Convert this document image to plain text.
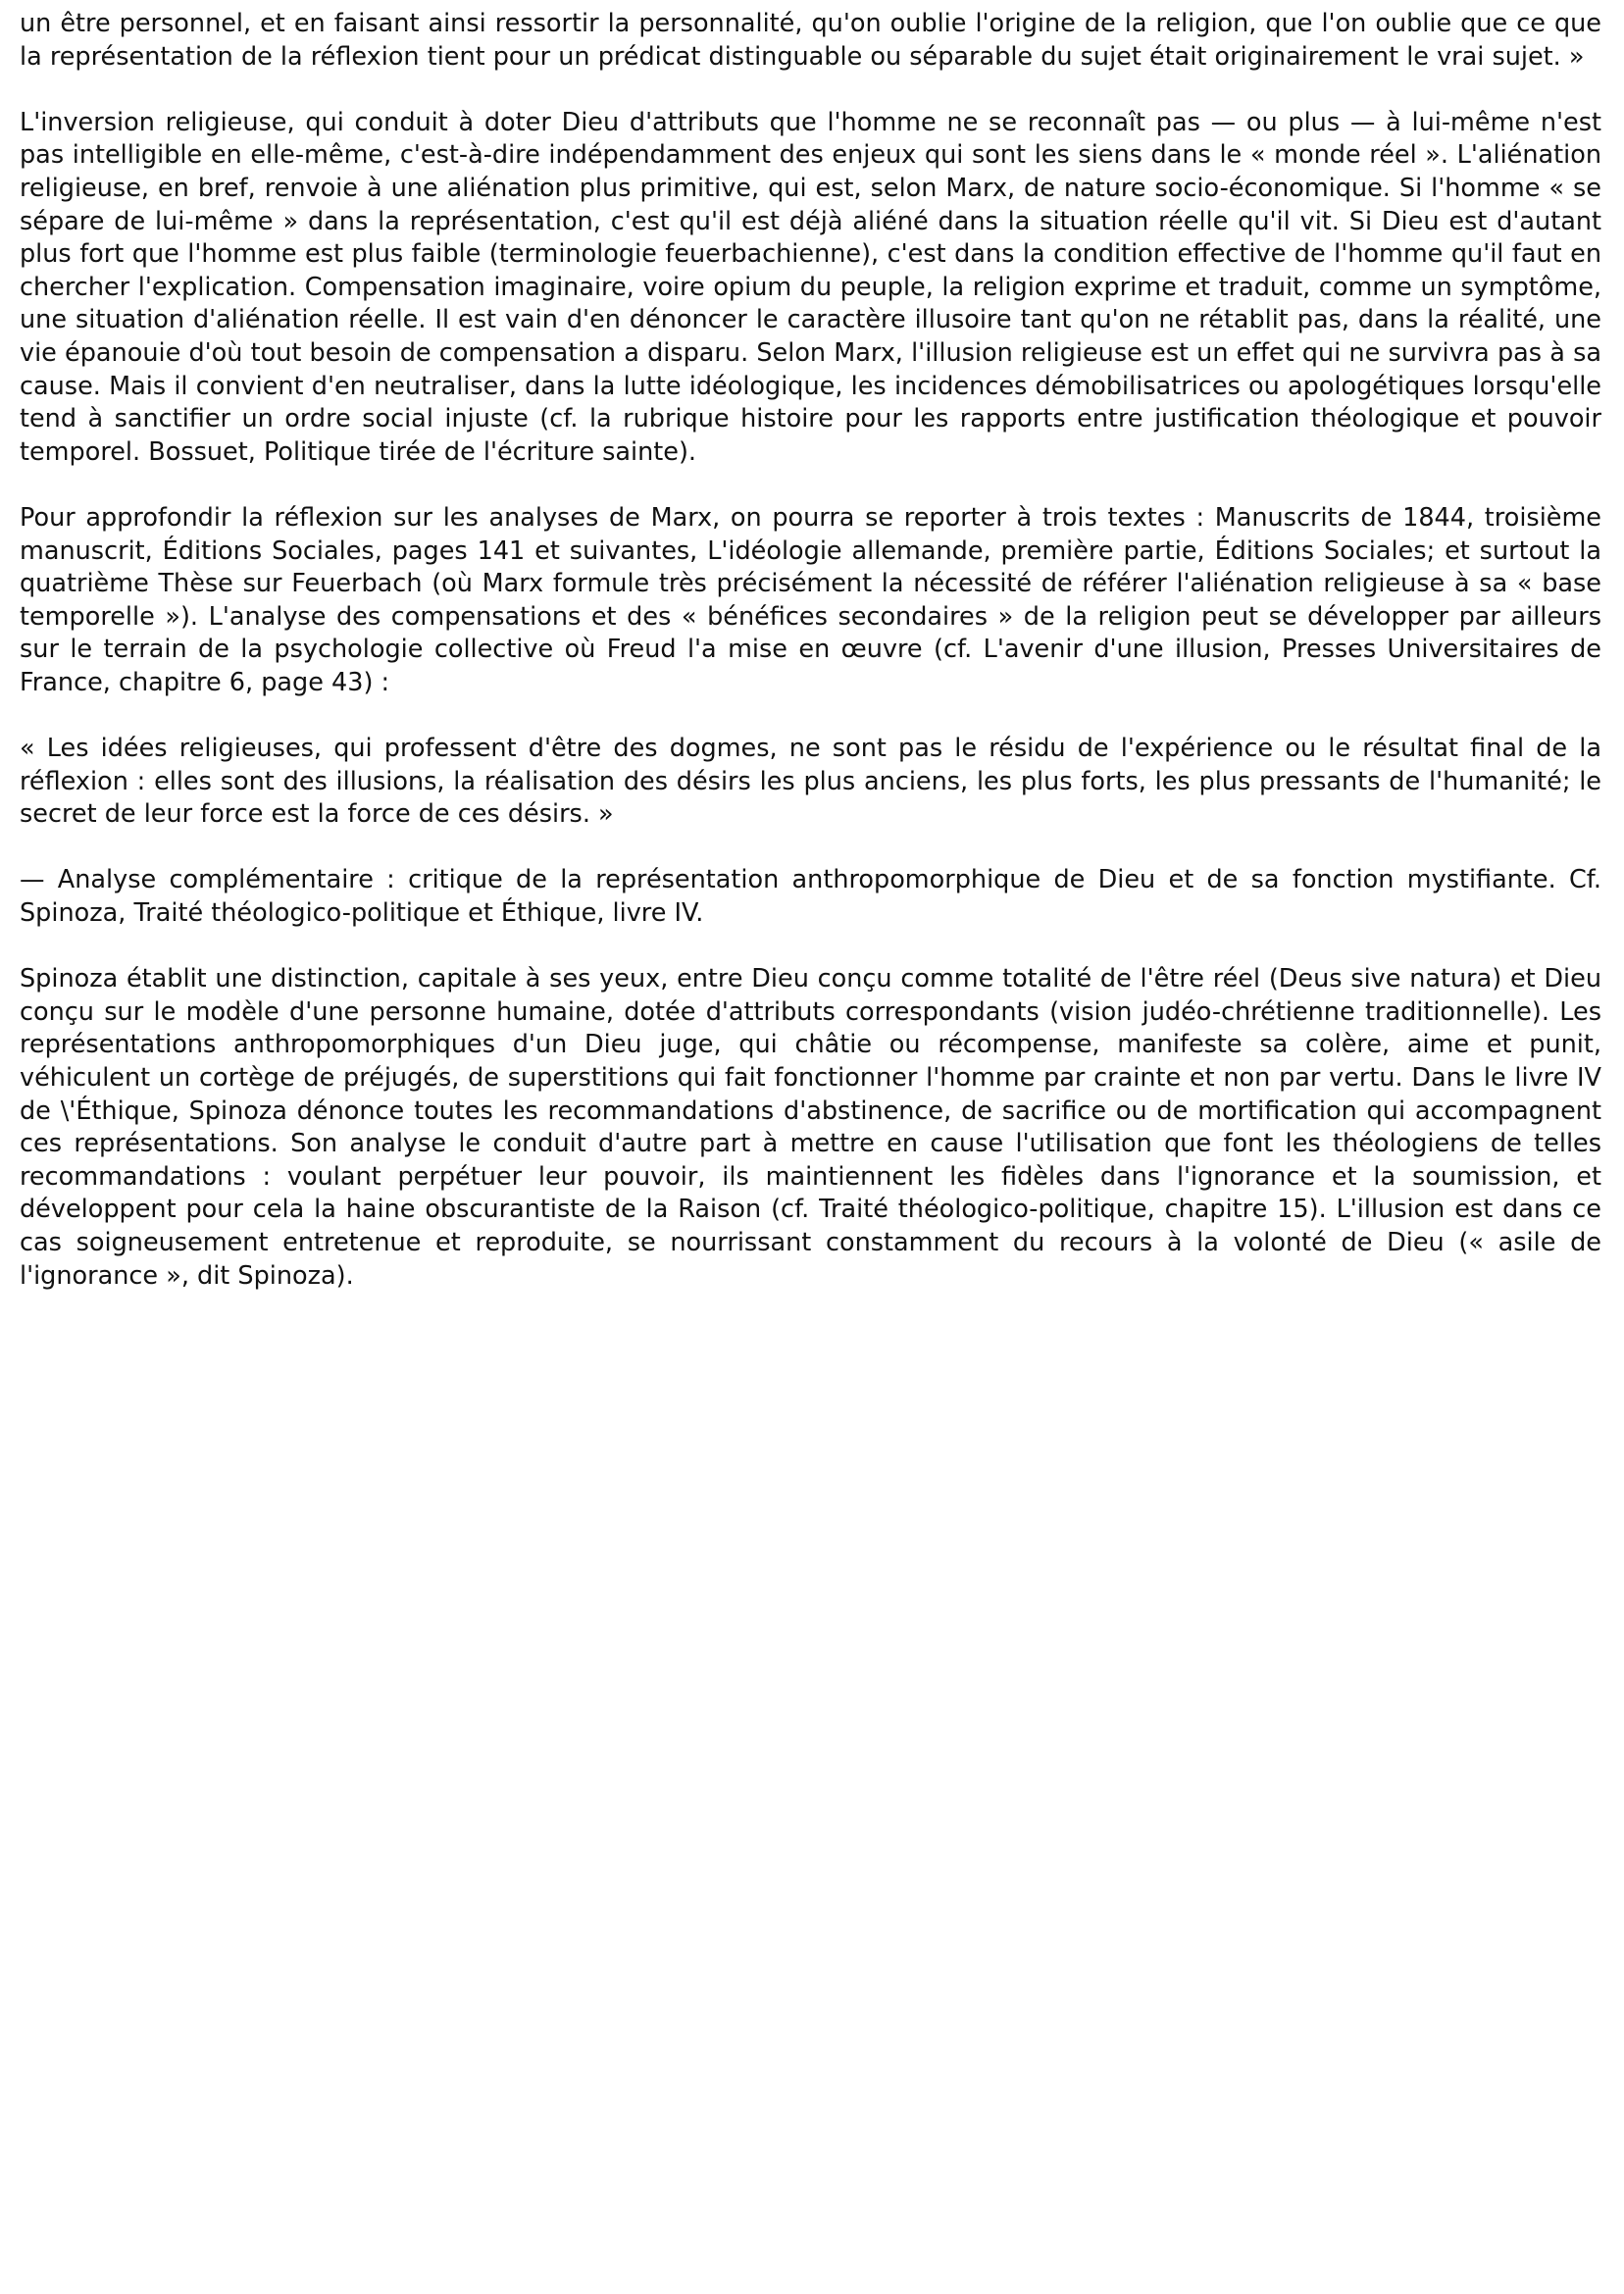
un être personnel, et en faisant ainsi ressortir la personnalité, qu'on oublie l'origine de la religion, que l'on oublie que ce que la représentation de la réflexion tient pour un prédicat distinguable ou séparable du sujet était originairement le vrai sujet. »

L'inversion religieuse, qui conduit à doter Dieu d'attributs que l'homme ne se reconnaît pas — ou plus — à lui-même n'est pas intelligible en elle-même, c'est-à-dire indépendamment des enjeux qui sont les siens dans le « monde réel ». L'aliénation religieuse, en bref, renvoie à une aliénation plus primitive, qui est, selon Marx, de nature socio-économique. Si l'homme « se sépare de lui-même » dans la représentation, c'est qu'il est déjà aliéné dans la situation réelle qu'il vit. Si Dieu est d'autant plus fort que l'homme est plus faible (terminologie feuerbachienne), c'est dans la condition effective de l'homme qu'il faut en chercher l'explication. Compensation imaginaire, voire opium du peuple, la religion exprime et traduit, comme un symptôme, une situation d'aliénation réelle. Il est vain d'en dénoncer le caractère illusoire tant qu'on ne rétablit pas, dans la réalité, une vie épanouie d'où tout besoin de compensation a disparu. Selon Marx, l'illusion religieuse est un effet qui ne survivra pas à sa cause. Mais il convient d'en neutraliser, dans la lutte idéologique, les incidences démobilisatrices ou apologétiques lorsqu'elle tend à sanctifier un ordre social injuste (cf. la rubrique histoire pour les rapports entre justification théologique et pouvoir temporel. Bossuet, Politique tirée de l'écriture sainte).

Pour approfondir la réflexion sur les analyses de Marx, on pourra se reporter à trois textes : Manuscrits de 1844, troisième manuscrit, Éditions Sociales, pages 141 et suivantes, L'idéologie allemande, première partie, Éditions Sociales; et surtout la quatrième Thèse sur Feuerbach (où Marx formule très précisément la nécessité de référer l'aliénation religieuse à sa « base temporelle »). L'analyse des compensations et des « bénéfices secondaires » de la religion peut se développer par ailleurs sur le terrain de la psychologie collective où Freud l'a mise en œuvre (cf. L'avenir d'une illusion, Presses Universitaires de France, chapitre 6, page 43) :

« Les idées religieuses, qui professent d'être des dogmes, ne sont pas le résidu de l'expérience ou le résultat final de la réflexion : elles sont des illusions, la réalisation des désirs les plus anciens, les plus forts, les plus pressants de l'humanité; le secret de leur force est la force de ces désirs. »

— Analyse complémentaire : critique de la représentation anthropomorphique de Dieu et de sa fonction mystifiante. Cf. Spinoza, Traité théologico-politique et Éthique, livre IV.

Spinoza établit une distinction, capitale à ses yeux, entre Dieu conçu comme totalité de l'être réel (Deus sive natura) et Dieu conçu sur le modèle d'une personne humaine, dotée d'attributs correspondants (vision judéo-chrétienne traditionnelle). Les représentations anthropomorphiques d'un Dieu juge, qui châtie ou récompense, manifeste sa colère, aime et punit, véhiculent un cortège de préjugés, de superstitions qui fait fonctionner l'homme par crainte et non par vertu. Dans le livre IV de \'Éthique, Spinoza dénonce toutes les recommandations d'abstinence, de sacrifice ou de mortification qui accompagnent ces représentations. Son analyse le conduit d'autre part à mettre en cause l'utilisation que font les théologiens de telles recommandations : voulant perpétuer leur pouvoir, ils maintiennent les fidèles dans l'ignorance et la soumission, et développent pour cela la haine obscurantiste de la Raison (cf. Traité théologico-politique, chapitre 15). L'illusion est dans ce cas soigneusement entretenue et reproduite, se nourrissant constamment du recours à la volonté de Dieu (« asile de l'ignorance », dit Spinoza).
